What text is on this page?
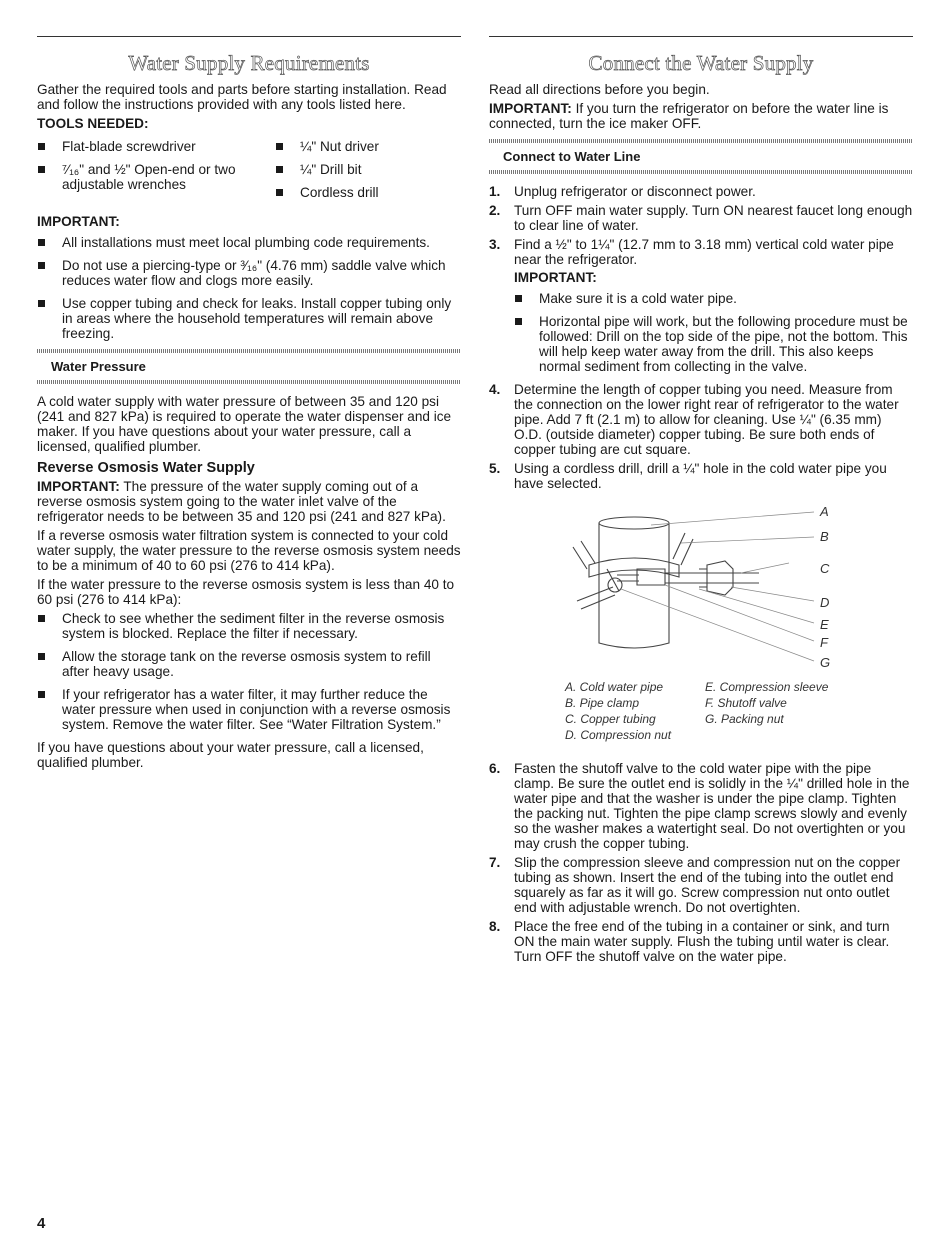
Water Supply Requirements

Gather the required tools and parts before starting installation. Read and follow the instructions provided with any tools listed here.

TOOLS NEEDED:

Flat-blade screwdriver
⁷⁄₁₆" and ½" Open-end or two adjustable wrenches
¼" Nut driver
¼" Drill bit
Cordless drill

IMPORTANT:

All installations must meet local plumbing code requirements.
Do not use a piercing-type or ³⁄₁₆" (4.76 mm) saddle valve which reduces water flow and clogs more easily.
Use copper tubing and check for leaks. Install copper tubing only in areas where the household temperatures will remain above freezing.
Water Pressure

A cold water supply with water pressure of between 35 and 120 psi (241 and 827 kPa) is required to operate the water dispenser and ice maker. If you have questions about your water pressure, call a licensed, qualified plumber.

Reverse Osmosis Water Supply

IMPORTANT: The pressure of the water supply coming out of a reverse osmosis system going to the water inlet valve of the refrigerator needs to be between 35 and 120 psi (241 and 827 kPa).

If a reverse osmosis water filtration system is connected to your cold water supply, the water pressure to the reverse osmosis system needs to be a minimum of 40 to 60 psi (276 to 414 kPa).

If the water pressure to the reverse osmosis system is less than 40 to 60 psi (276 to 414 kPa):

Check to see whether the sediment filter in the reverse osmosis system is blocked. Replace the filter if necessary.
Allow the storage tank on the reverse osmosis system to refill after heavy usage.
If your refrigerator has a water filter, it may further reduce the water pressure when used in conjunction with a reverse osmosis system. Remove the water filter. See “Water Filtration System.”

If you have questions about your water pressure, call a licensed, qualified plumber.

Connect the Water Supply

Read all directions before you begin.

IMPORTANT: If you turn the refrigerator on before the water line is connected, turn the ice maker OFF.

Connect to Water Line
1. Unplug refrigerator or disconnect power.
2. Turn OFF main water supply. Turn ON nearest faucet long enough to clear line of water.
3. Find a ½" to 1¼" (12.7 mm to 3.18 mm) vertical cold water pipe near the refrigerator.
IMPORTANT:
Make sure it is a cold water pipe.
Horizontal pipe will work, but the following procedure must be followed: Drill on the top side of the pipe, not the bottom. This will help keep water away from the drill. This also keeps normal sediment from collecting in the valve.
4. Determine the length of copper tubing you need. Measure from the connection on the lower right rear of refrigerator to the water pipe. Add 7 ft (2.1 m) to allow for cleaning. Use ¼" (6.35 mm) O.D. (outside diameter) copper tubing. Be sure both ends of copper tubing are cut square.
5. Using a cordless drill, drill a ¼" hole in the cold water pipe you have selected.
A
B
C
D
E
F
G
A. Cold water pipe
B. Pipe clamp
C. Copper tubing
D. Compression nut
E. Compression sleeve
F. Shutoff valve
G. Packing nut
6. Fasten the shutoff valve to the cold water pipe with the pipe clamp. Be sure the outlet end is solidly in the ¼" drilled hole in the water pipe and that the washer is under the pipe clamp. Tighten the packing nut. Tighten the pipe clamp screws slowly and evenly so the washer makes a watertight seal. Do not overtighten or you may crush the copper tubing.
7. Slip the compression sleeve and compression nut on the copper tubing as shown. Insert the end of the tubing into the outlet end squarely as far as it will go. Screw compression nut onto outlet end with adjustable wrench. Do not overtighten.
8. Place the free end of the tubing in a container or sink, and turn ON the main water supply. Flush the tubing until water is clear. Turn OFF the shutoff valve on the water pipe.
4
